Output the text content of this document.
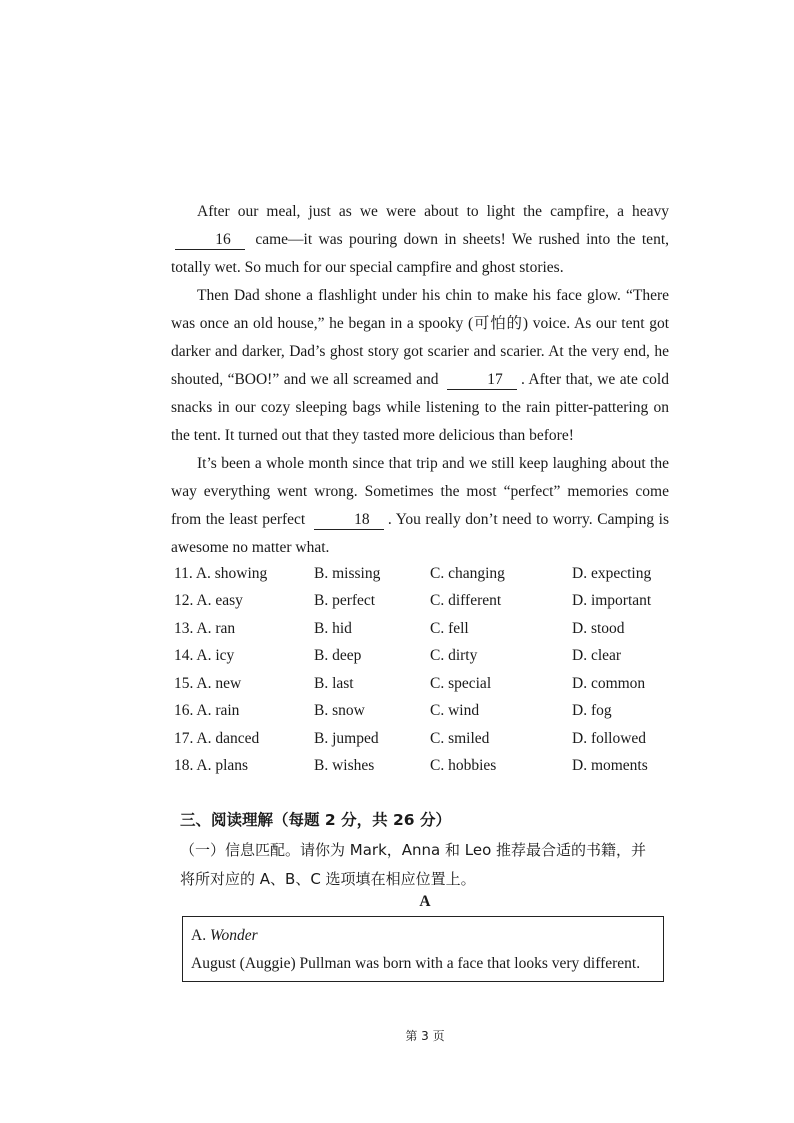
After our meal, just as we were about to light the campfire, a heavy 16 came—it was pouring down in sheets! We rushed into the tent, totally wet. So much for our special campfire and ghost stories.

Then Dad shone a flashlight under his chin to make his face glow. “There was once an old house,” he began in a spooky (可怕的) voice. As our tent got darker and darker, Dad’s ghost story got scarier and scarier. At the very end, he shouted, “BOO!” and we all screamed and	17 . After that, we ate cold snacks in our cozy sleeping bags while listening to the rain pitter-pattering on the tent. It turned out that they tasted more delicious than before!

It’s been a whole month since that trip and we still keep laughing about the way everything went wrong. Sometimes the most “perfect” memories come from the least perfect	18 . You really don’t need to worry. Camping is awesome no matter what.

11. A. showing	B. missing	C. changing	D. expecting
12. A. easy	B. perfect	C. different	D. important
13. A. ran	B. hid	C. fell	D. stood
14. A. icy	B. deep	C. dirty	D. clear
15. A. new	B. last	C. special	D. common
16. A. rain	B. snow	C. wind	D. fog
17. A. danced	B. jumped	C. smiled	D. followed
18. A. plans	B. wishes	C. hobbies	D. moments
三、阅读理解（每题 2 分，共 26 分）

（一）信息匹配。请你为 Mark，Anna 和 Leo 推荐最合适的书籍，并

将所对应的 A、B、C 选项填在相应位置上。

A
A. Wonder
August (Auggie) Pullman was born with a face that looks very different.
第 3 页
